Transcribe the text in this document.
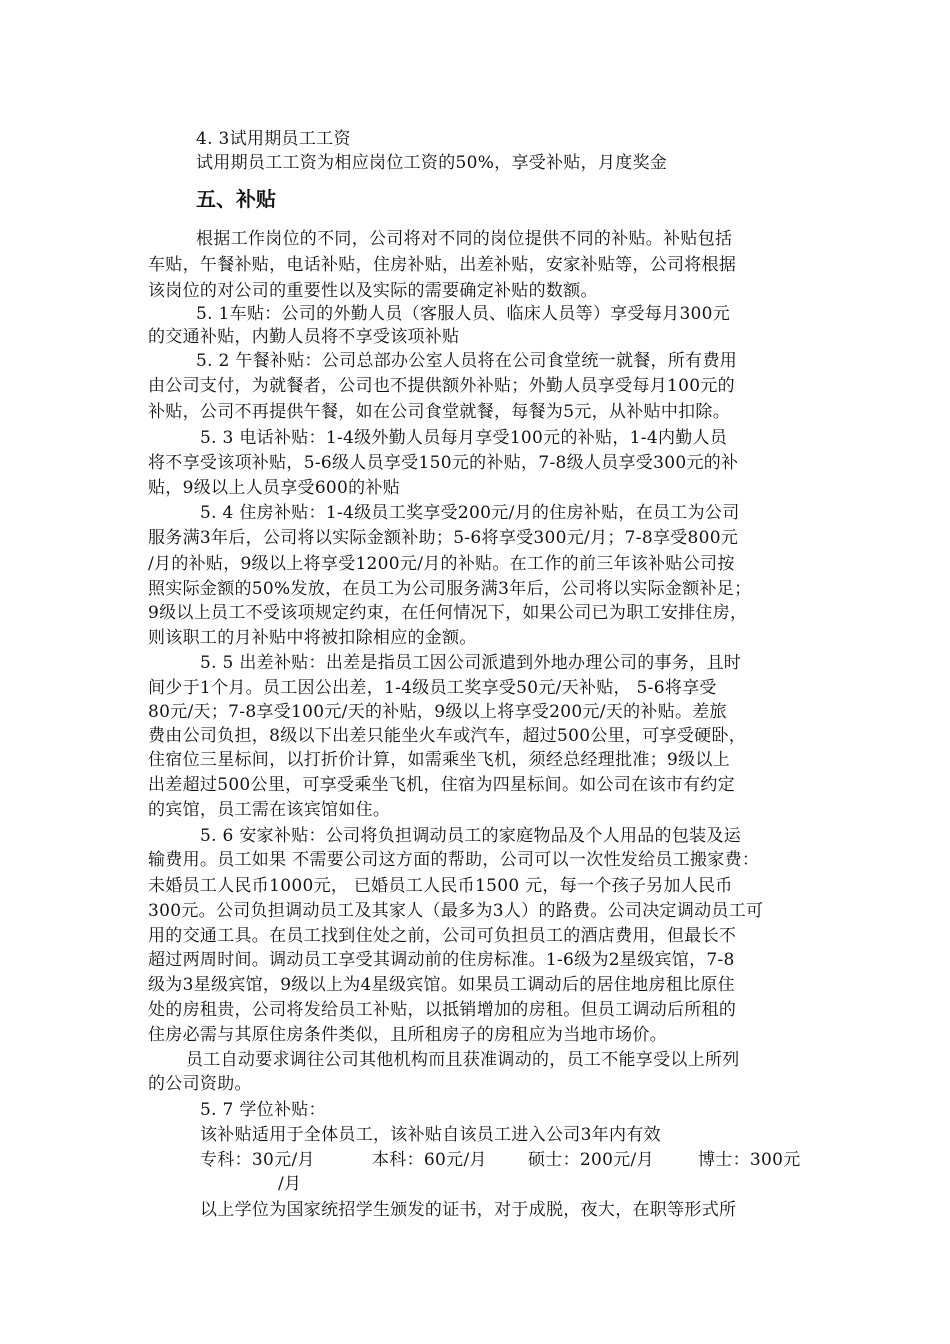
4. 3试用期员工工资
试用期员工工资为相应岗位工资的50%，享受补贴，月度奖金
五、补贴
根据工作岗位的不同，公司将对不同的岗位提供不同的补贴。补贴包括
车贴，午餐补贴，电话补贴，住房补贴，出差补贴，安家补贴等，公司将根据
该岗位的对公司的重要性以及实际的需要确定补贴的数额。
5. 1车贴：公司的外勤人员（客服人员、临床人员等）享受每月300元
的交通补贴，内勤人员将不享受该项补贴
5. 2 午餐补贴：公司总部办公室人员将在公司食堂统一就餐，所有费用
由公司支付，为就餐者，公司也不提供额外补贴；外勤人员享受每月100元的
补贴，公司不再提供午餐，如在公司食堂就餐，每餐为5元，从补贴中扣除。
5. 3 电话补贴：1-4级外勤人员每月享受100元的补贴，1-4内勤人员
将不享受该项补贴，5-6级人员享受150元的补贴，7-8级人员享受300元的补
贴，9级以上人员享受600的补贴
5. 4 住房补贴：1-4级员工奖享受200元/月的住房补贴，在员工为公司
服务满3年后，公司将以实际金额补助；5-6将享受300元/月；7-8享受800元
/月的补贴，9级以上将享受1200元/月的补贴。在工作的前三年该补贴公司按
照实际金额的50%发放，在员工为公司服务满3年后，公司将以实际金额补足；
9级以上员工不受该项规定约束，在任何情况下，如果公司已为职工安排住房，
则该职工的月补贴中将被扣除相应的金额。
5. 5 出差补贴：出差是指员工因公司派遣到外地办理公司的事务，且时
间少于1个月。员工因公出差，1-4级员工奖享受50元/天补贴， 5-6将享受
80元/天；7-8享受100元/天的补贴，9级以上将享受200元/天的补贴。差旅
费由公司负担，8级以下出差只能坐火车或汽车，超过500公里，可享受硬卧，
住宿位三星标间，以打折价计算，如需乘坐飞机，须经总经理批准；9级以上
出差超过500公里，可享受乘坐飞机，住宿为四星标间。如公司在该市有约定
的宾馆，员工需在该宾馆如住。
5. 6 安家补贴：公司将负担调动员工的家庭物品及个人用品的包装及运
输费用。员工如果 不需要公司这方面的帮助，公司可以一次性发给员工搬家费：
未婚员工人民币1000元， 已婚员工人民币1500 元，每一个孩子另加人民币
300元。公司负担调动员工及其家人（最多为3人）的路费。公司决定调动员工可
用的交通工具。在员工找到住处之前，公司可负担员工的酒店费用，但最长不
超过两周时间。调动员工享受其调动前的住房标准。1-6级为2星级宾馆，7-8
级为3星级宾馆，9级以上为4星级宾馆。如果员工调动后的居住地房租比原住
处的房租贵，公司将发给员工补贴，以抵销增加的房租。但员工调动后所租的
住房必需与其原住房条件类似，且所租房子的房租应为当地市场价。
员工自动要求调往公司其他机构而且获准调动的，员工不能享受以上所列
的公司资助。
5. 7 学位补贴：
该补贴适用于全体员工，该补贴自该员工进入公司3年内有效
专科：30元/月	本科：60元/月 硕士：200元/月	博士：300元
/月
以上学位为国家统招学生颁发的证书，对于成脱，夜大，在职等形式所
